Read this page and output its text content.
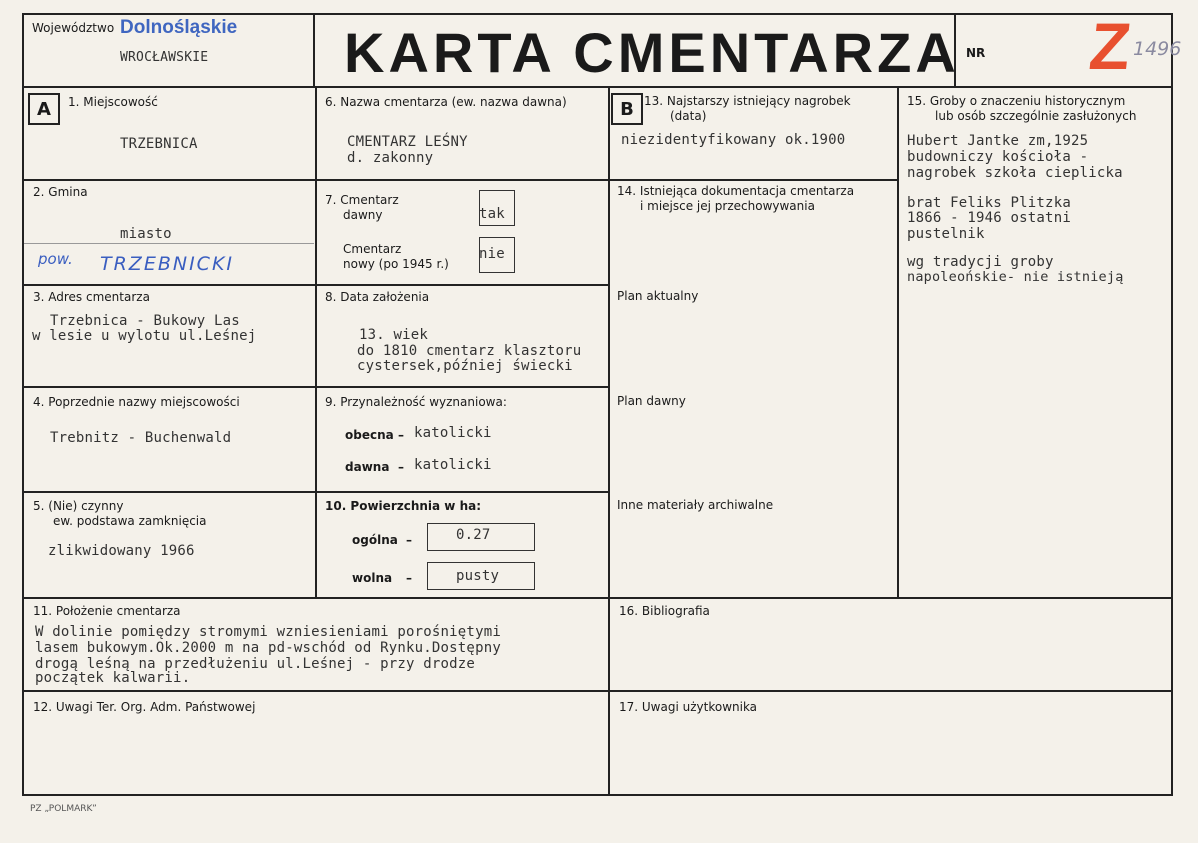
Województwo Dolnośląskie
WROCŁAWSKIE KARTA CMENTARZA NR Z
1496
A	1. Miejscowość
TRZEBNICA
2. Gmina
miasto
pow. TRZEBNICKI
3. Adres cmentarza
Trzebnica - Bukowy Las
w lesie u wylotu ul.Leśnej
4. Poprzednie nazwy miejscowości
Trebnitz - Buchenwald
5. (Nie) czynny
ew. podstawa zamknięcia
zlikwidowany 1966
6. Nazwa cmentarza (ew. nazwa dawna)
CMENTARZ LEŚNY
d. zakonny
7. Cmentarz
dawny	tak
Cmentarz
nowy (po 1945 r.)
nie
8. Data założenia
13. wiek
do 1810 cmentarz klasztoru
cystersek,później świecki
9. Przynależność wyznaniowa:
obecna – katolicki
dawna – katolicki
10. Powierzchnia w ha:
ogólna –	0.27
wolna –	pusty
B 13. Najstarszy istniejący nagrobek
(data)
niezidentyfikowany ok.1900
14. Istniejąca dokumentacja cmentarza
i miejsce jej przechowywania
Plan aktualny
Plan dawny
Inne materiały archiwalne
15. Groby o znaczeniu historycznym
lub osób szczególnie zasłużonych
Hubert Jantke zm,1925
budowniczy kościoła -
nagrobek szkoła cieplicka
brat Feliks Plitzka
1866 - 1946 ostatni
pustelnik
wg tradycji groby
napoleońskie- nie istnieją
11. Położenie cmentarza
W dolinie pomiędzy stromymi wzniesieniami porośniętymi
lasem bukowym.Ok.2000 m na pd-wschód od Rynku.Dostępny
drogą leśną na przedłużeniu ul.Leśnej - przy drodze
początek kalwarii.
16. Bibliografia
12. Uwagi Ter. Org. Adm. Państwowej	17. Uwagi użytkownika
PZ „POLMARK”
